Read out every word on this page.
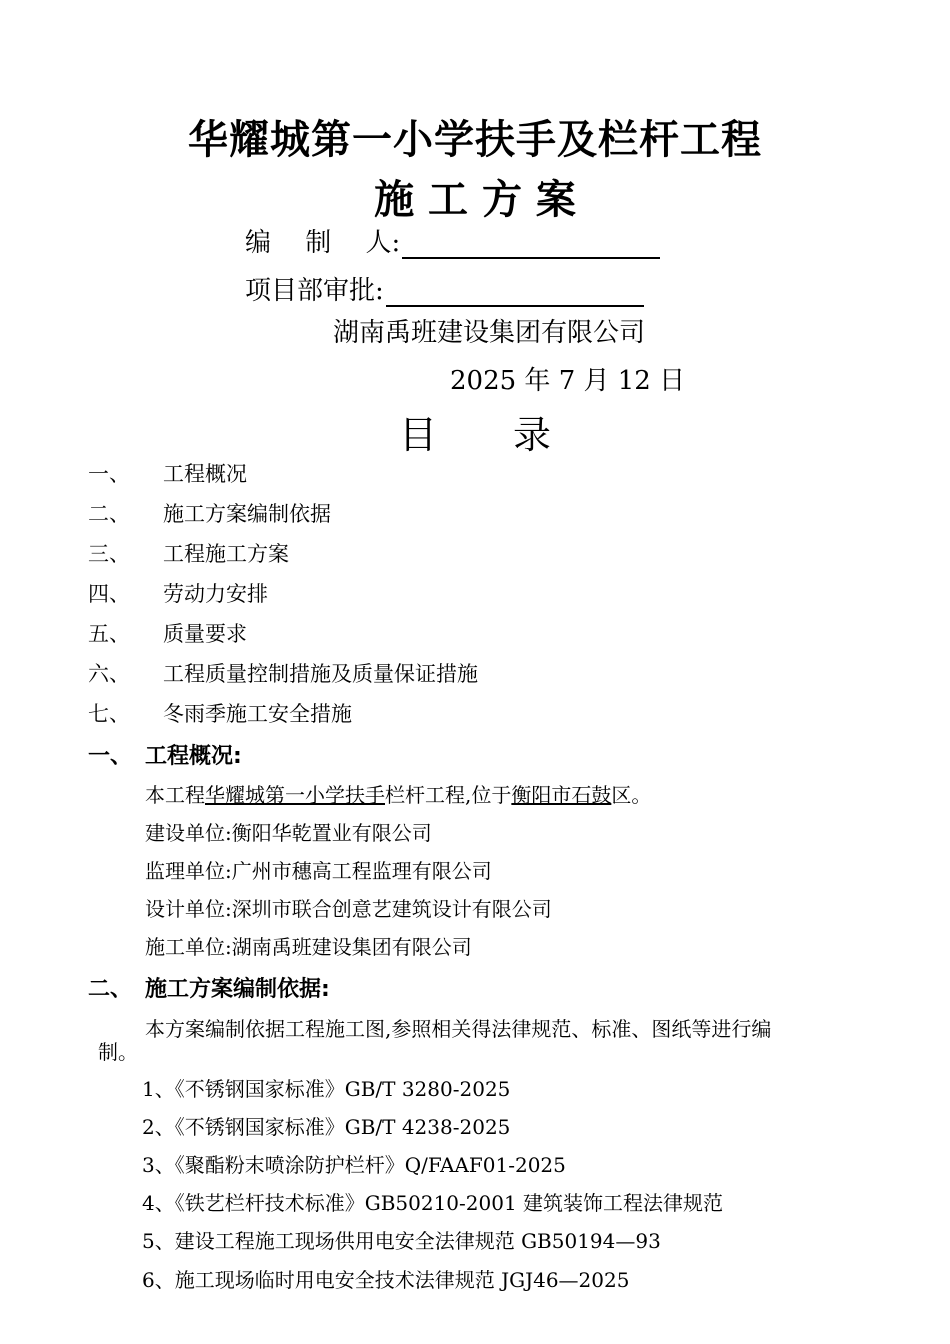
华耀城第一小学扶手及栏杆工程
施 工 方 案
编　 制　 人:
项目部审批:
湖南禹班建设集团有限公司
2025 年 7 月 12 日
目　　录
一、 工程概况
二、 施工方案编制依据
三、 工程施工方案
四、 劳动力安排
五、 质量要求
六、 工程质量控制措施及质量保证措施
七、 冬雨季施工安全措施
一、 工程概况:
本工程华耀城第一小学扶手栏杆工程,位于衡阳市石鼓区。
建设单位:衡阳华乾置业有限公司
监理单位:广州市穗高工程监理有限公司
设计单位:深圳市联合创意艺建筑设计有限公司
施工单位:湖南禹班建设集团有限公司
二、 施工方案编制依据:
本方案编制依据工程施工图,参照相关得法律规范、标准、图纸等进行编
制。
1、《不锈钢国家标准》GB/T 3280-2025
2、《不锈钢国家标准》GB/T 4238-2025
3、《聚酯粉末喷涂防护栏杆》Q/FAAF01-2025
4、《铁艺栏杆技术标准》GB50210-2001 建筑装饰工程法律规范
5、建设工程施工现场供用电安全法律规范 GB50194—93
6、施工现场临时用电安全技术法律规范 JGJ46—2025
